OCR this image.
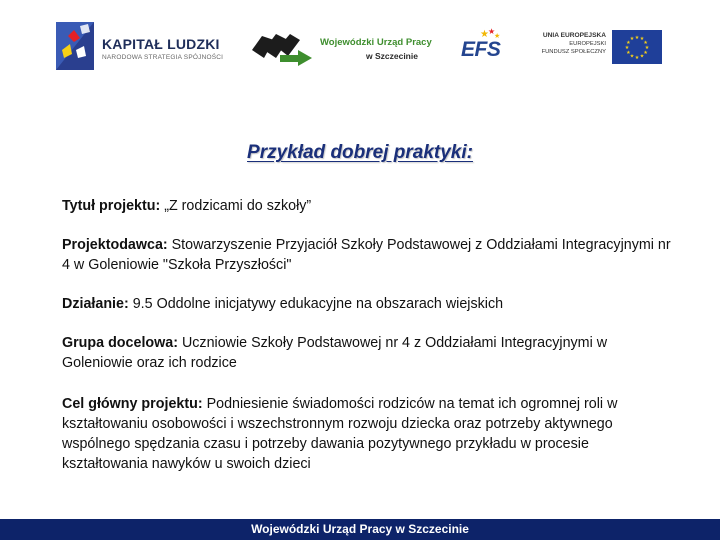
KAPITAŁ LUDZKI
NARODOWA STRATEGIA SPÓJNOŚCI
Wojewódzki Urząd Pracy
w Szczecinie
★ ★
★
EFS
UNIA EUROPEJSKA
EUROPEJSKI
FUNDUSZ SPOŁECZNY
★ ★
★
★
★
★
★
★
★
★
★
★
Przykład dobrej praktyki:

Tytuł projektu: „Z rodzicami do szkoły”

Projektodawca: Stowarzyszenie Przyjaciół Szkoły Podstawowej z Oddziałami Integracyjnymi nr 4 w Goleniowie "Szkoła Przyszłości"

Działanie: 9.5 Oddolne inicjatywy edukacyjne na obszarach wiejskich

Grupa docelowa: Uczniowie Szkoły Podstawowej nr 4 z Oddziałami Integracyjnymi w Goleniowie oraz ich rodzice

Cel główny projektu: Podniesienie świadomości rodziców na temat ich ogromnej roli w kształtowaniu osobowości i wszechstronnym rozwoju dziecka oraz potrzeby aktywnego wspólnego spędzania czasu i potrzeby dawania pozytywnego przykładu w procesie kształtowania nawyków u swoich dzieci

Wojewódzki Urząd Pracy w Szczecinie
